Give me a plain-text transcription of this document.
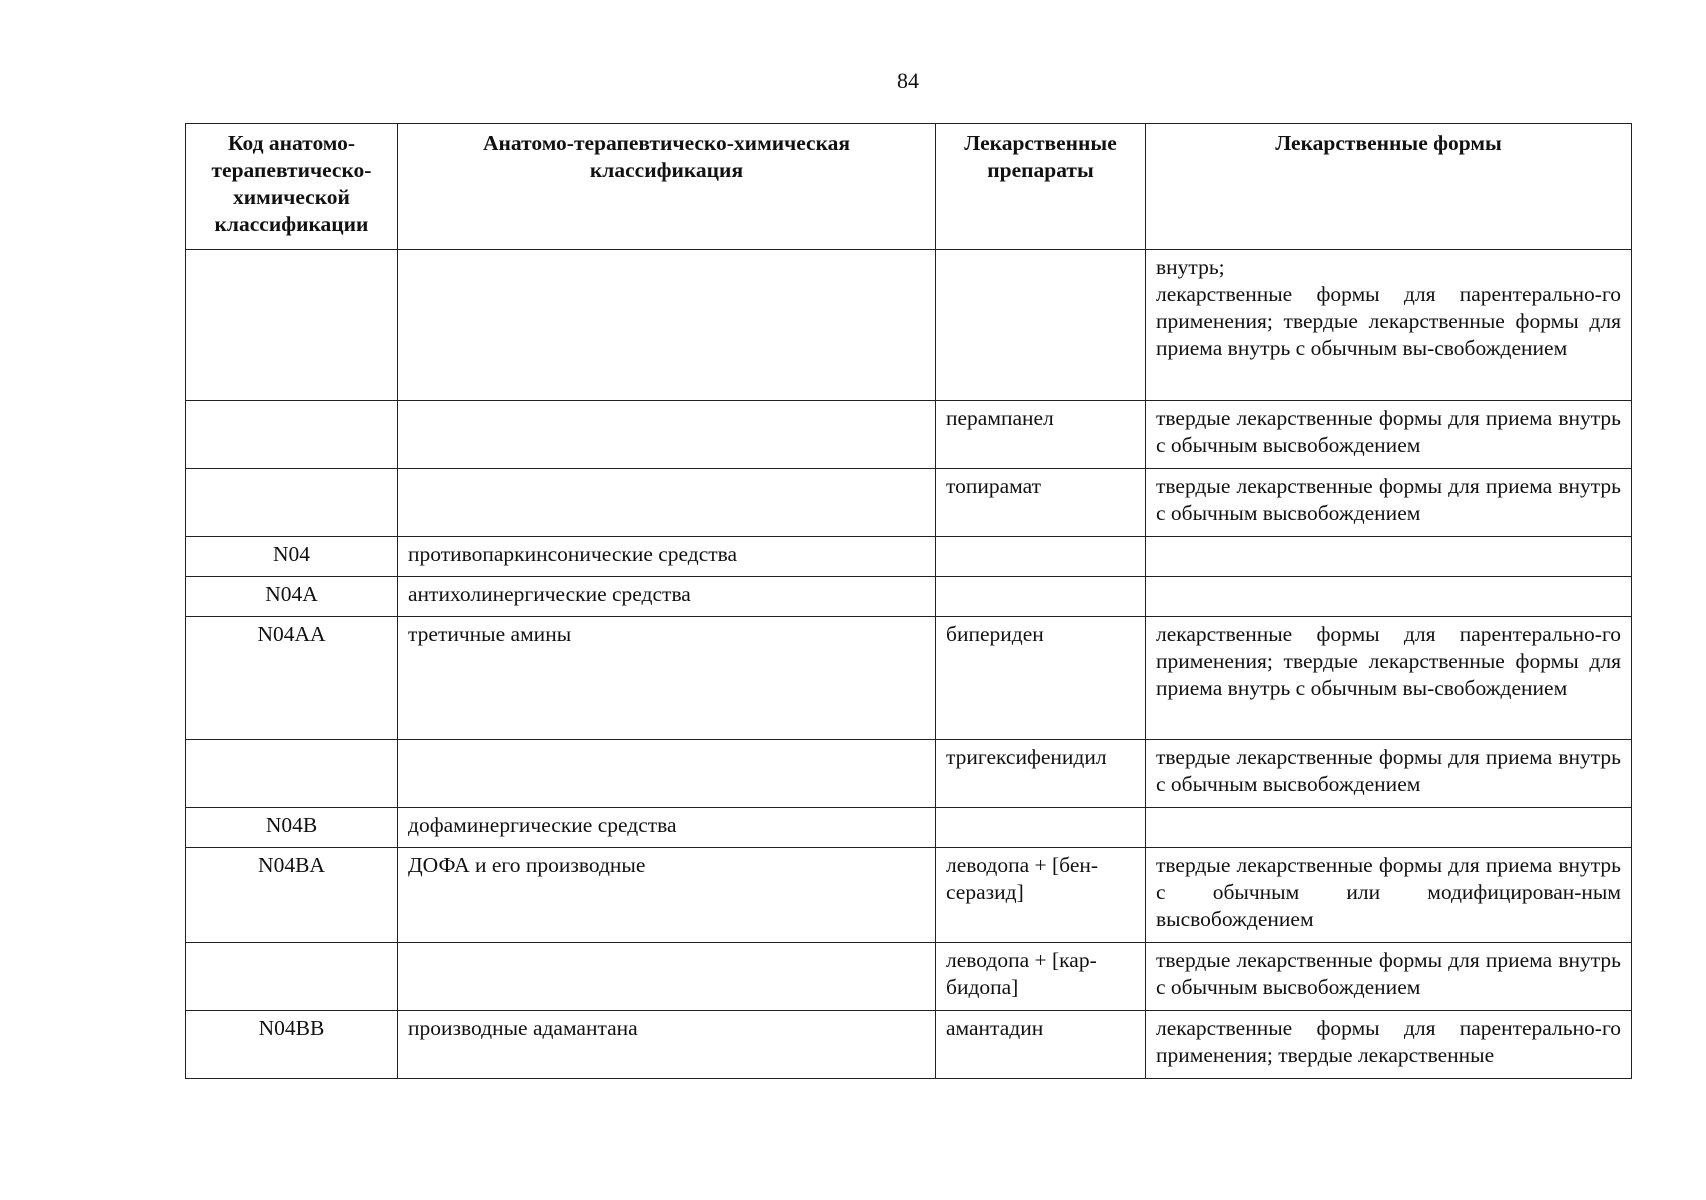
84
Код анатомо-терапевтическо-химической классификации	Анатомо-терапевтическо-химическая классификация	Лекарственные препараты	Лекарственные формы

			внутрь;
лекарственные формы для парентерально-го применения; твердые лекарственные формы для приема внутрь с обычным вы-свобождением

		перампанел	твердые лекарственные формы для приема внутрь с обычным высвобождением
		топирамат	твердые лекарственные формы для приема внутрь с обычным высвобождением
N04	противопаркинсонические средства		
N04A	антихолинергические средства		
N04AA	третичные амины	бипериден	лекарственные формы для парентерально-го применения; твердые лекарственные формы для приема внутрь с обычным вы-свобождением
		тригексифенидил	твердые лекарственные формы для приема внутрь с обычным высвобождением
N04B	дофаминергические средства		
N04BA	ДОФА и его производные	леводопа + [бен-серазид]	твердые лекарственные формы для приема внутрь с обычным или модифицирован-ным высвобождением
		леводопа + [кар-бидопа]	твердые лекарственные формы для приема внутрь с обычным высвобождением
N04BB	производные адамантана	амантадин	лекарственные формы для парентерально-го применения; твердые лекарственные
